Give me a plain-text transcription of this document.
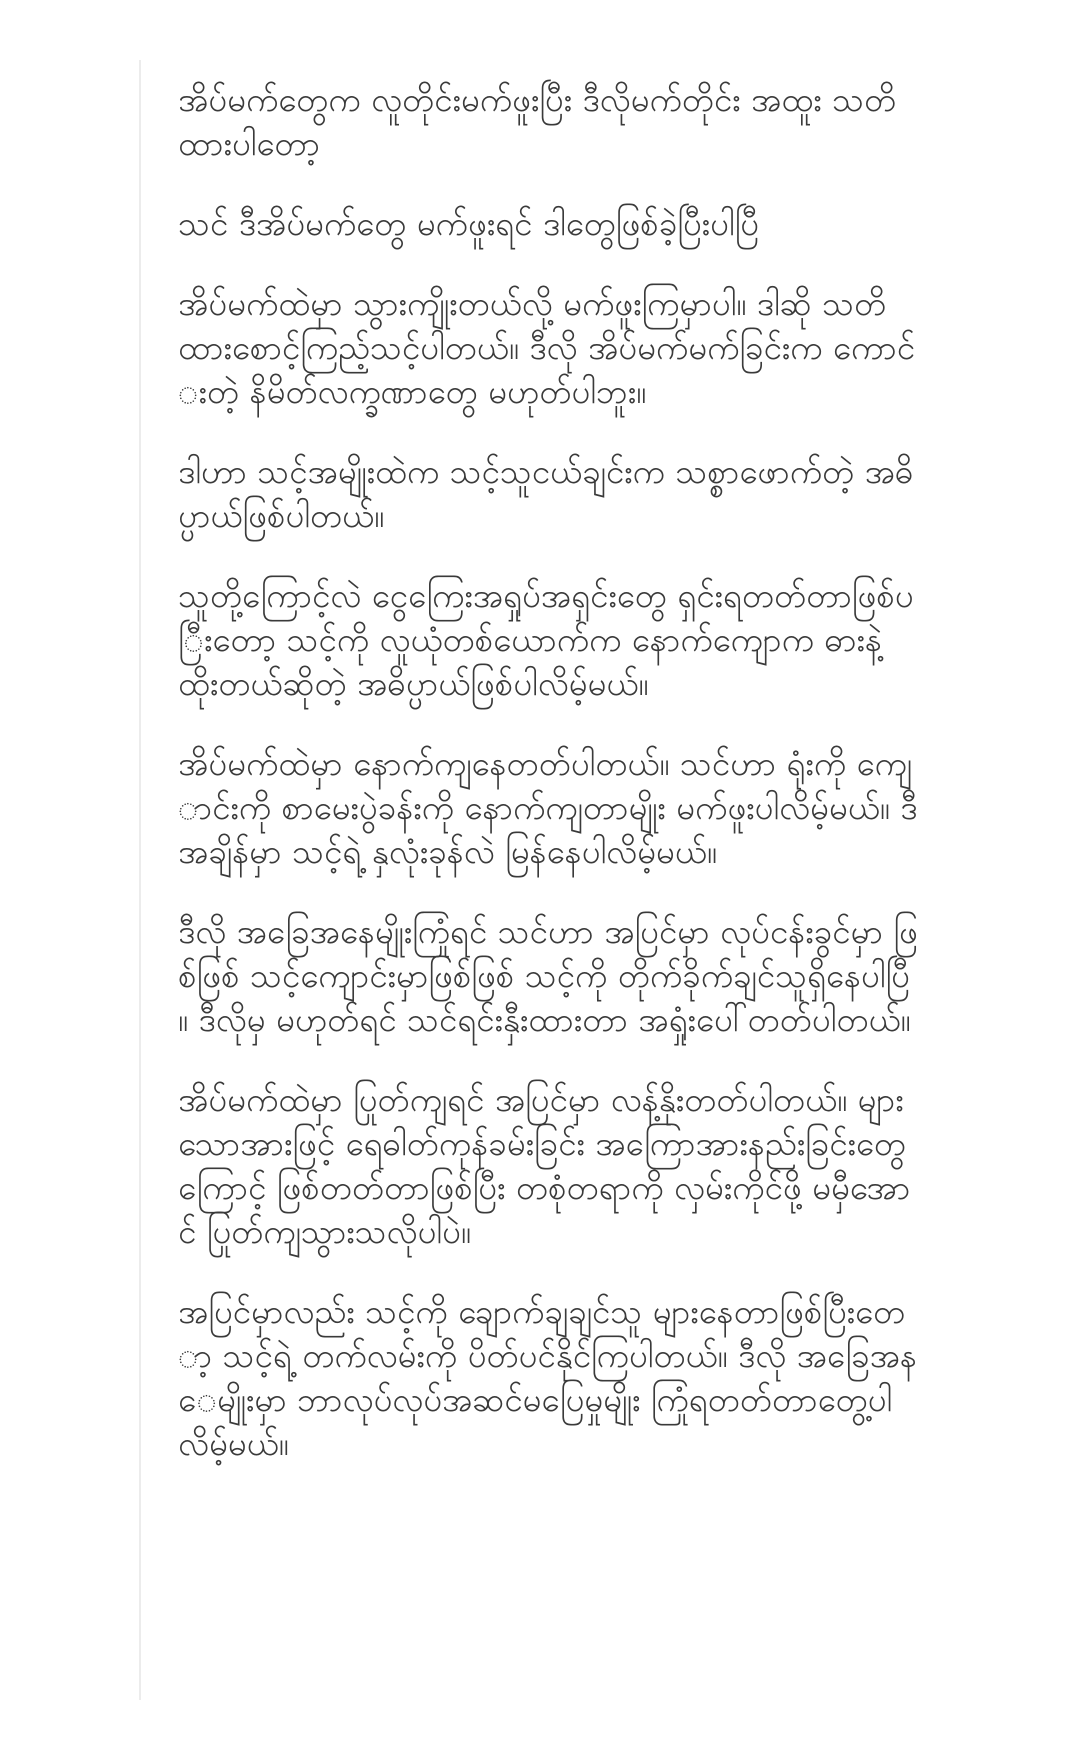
အိပ်မက်တွေက လူတိုင်းမက်ဖူးပြီး ဒီလိုမက်တိုင်း အထူး သတိထားပါတော့

သင် ဒီအိပ်မက်တွေ မက်ဖူးရင် ဒါတွေဖြစ်ခဲ့ပြီးပါပြီ

အိပ်မက်ထဲမှာ သွားကျိုးတယ်လို့ မက်ဖူးကြမှာပါ။ ဒါဆို သတိထားစောင့်ကြည့်သင့်ပါတယ်။ ဒီလို အိပ်မက်မက်ခြင်းက ကောင်းတဲ့ နိမိတ်လက္ခဏာတွေ မဟုတ်ပါဘူး။

ဒါဟာ သင့်အမျိုးထဲက သင့်သူငယ်ချင်းက သစ္စာဖောက်တဲ့ အဓိပ္ပာယ်ဖြစ်ပါတယ်။

သူတို့ကြောင့်လဲ ငွေကြေးအရှုပ်အရှင်းတွေ ရှင်းရတတ်တာဖြစ်ပြီးတော့ သင့်ကို လူယုံတစ်ယောက်က နောက်ကျောက ဓားနဲ့ ထိုးတယ်ဆိုတဲ့ အဓိပ္ပာယ်ဖြစ်ပါလိမ့်မယ်။

အိပ်မက်ထဲမှာ နောက်ကျနေတတ်ပါတယ်။ သင်ဟာ ရုံးကို ကျောင်းကို စာမေးပွဲခန်းကို နောက်ကျတာမျိုး မက်ဖူးပါလိမ့်မယ်။ ဒီအချိန်မှာ သင့်ရဲ့ နှလုံးခုန်လဲ မြန်နေပါလိမ့်မယ်။

ဒီလို အခြေအနေမျိုးကြုံရင် သင်ဟာ အပြင်မှာ လုပ်ငန်းခွင်မှာ ဖြစ်ဖြစ် သင့်ကျောင်းမှာဖြစ်ဖြစ် သင့်ကို တိုက်ခိုက်ချင်သူရှိနေပါပြီ။ ဒီလိုမှ မဟုတ်ရင် သင်ရင်းနှီးထားတာ အရှုံးပေါ်တတ်ပါတယ်။

အိပ်မက်ထဲမှာ ပြုတ်ကျရင် အပြင်မှာ လန့်နိုးတတ်ပါတယ်။ များသောအားဖြင့် ရေဓါတ်ကုန်ခမ်းခြင်း အကြောအားနည်းခြင်းတွေကြောင့် ဖြစ်တတ်တာဖြစ်ပြီး တစုံတရာကို လှမ်းကိုင်ဖို့ မမှီအောင် ပြုတ်ကျသွားသလိုပါပဲ။

အပြင်မှာလည်း သင့်ကို ချောက်ချချင်သူ များနေတာဖြစ်ပြီးတော့ သင့်ရဲ့ တက်လမ်းကို ပိတ်ပင်နိုင်ကြပါတယ်။ ဒီလို အခြေအနေမျိုးမှာ ဘာလုပ်လုပ်အဆင်မပြေမှုမျိုး ကြုံရတတ်တာတွေ့ပါလိမ့်မယ်။
